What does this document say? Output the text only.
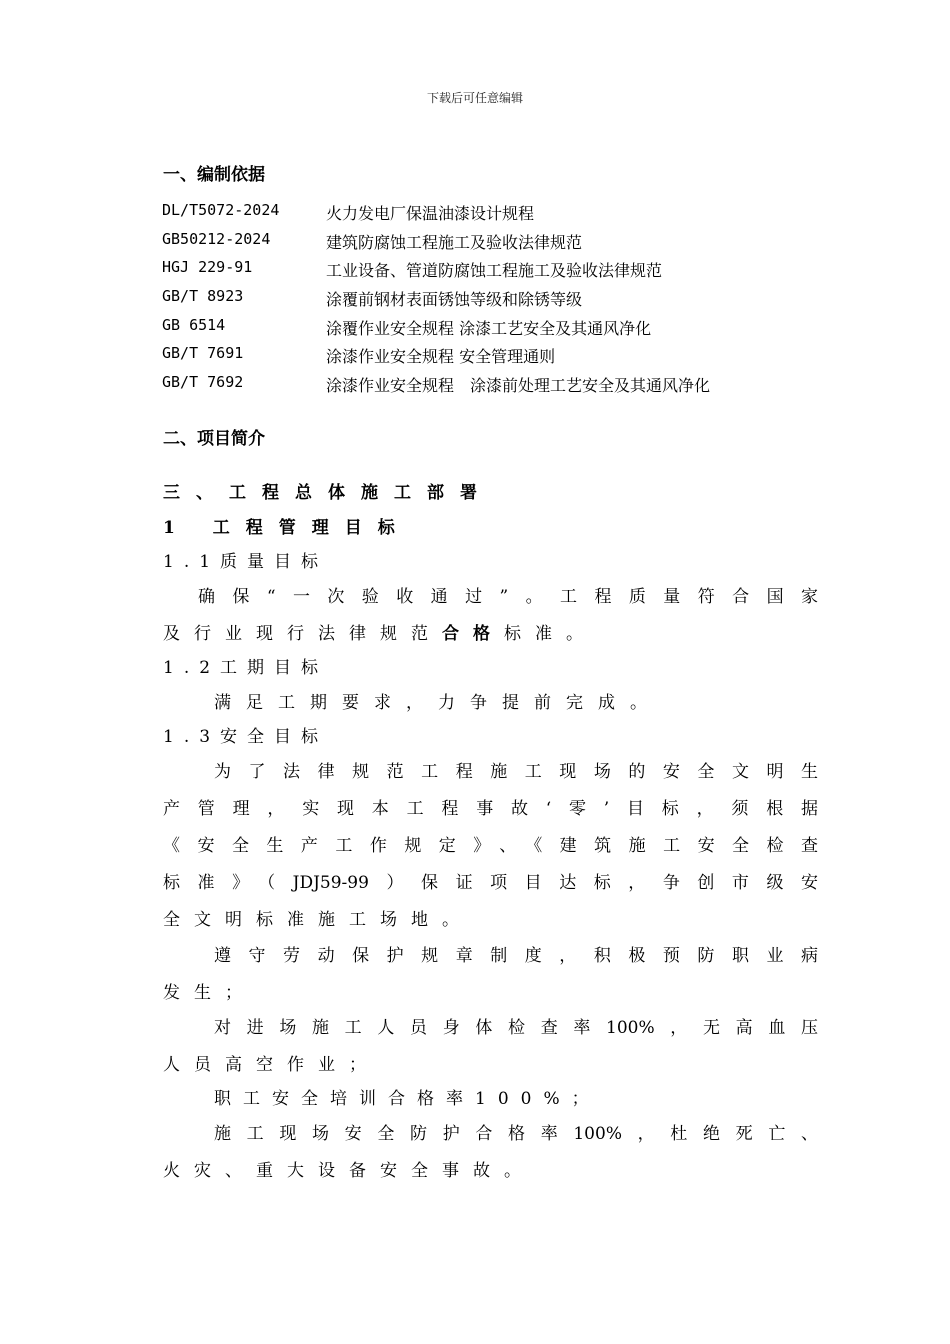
下载后可任意编辑
一、编制依据
DL/T5072-2024	火力发电厂保温油漆设计规程
GB50212-2024	建筑防腐蚀工程施工及验收法律规范
HGJ 229-91	工业设备、管道防腐蚀工程施工及验收法律规范
GB/T 8923	涂覆前钢材表面锈蚀等级和除锈等级
GB 6514	涂覆作业安全规程 涂漆工艺安全及其通风净化
GB/T 7691	涂漆作业安全规程 安全管理通则
GB/T 7692	涂漆作业安全规程　涂漆前处理工艺安全及其通风净化
二、项目简介
三、工程总体施工部署
1 工程管理目标
1.1质量目标
确保“一次验收通过”。工程质量符合国家
及行业现行法律规范合格标准。
1.2工期目标
满足工期要求，力争提前完成。
1.3安全目标
为了法律规范工程施工现场的安全文明生
产管理，实现本工程事故‘零’目标，须根据
《安全生产工作规定》、《建筑施工安全检查
标准》（JDJ59-99）保证项目达标，争创市级安
全文明标准施工场地。
遵守劳动保护规章制度，积极预防职业病
发生；
对进场施工人员身体检查率100%，无高血压
人员高空作业；
职工安全培训合格率100%；
施工现场安全防护合格率100%，杜绝死亡、
火灾、重大设备安全事故。
